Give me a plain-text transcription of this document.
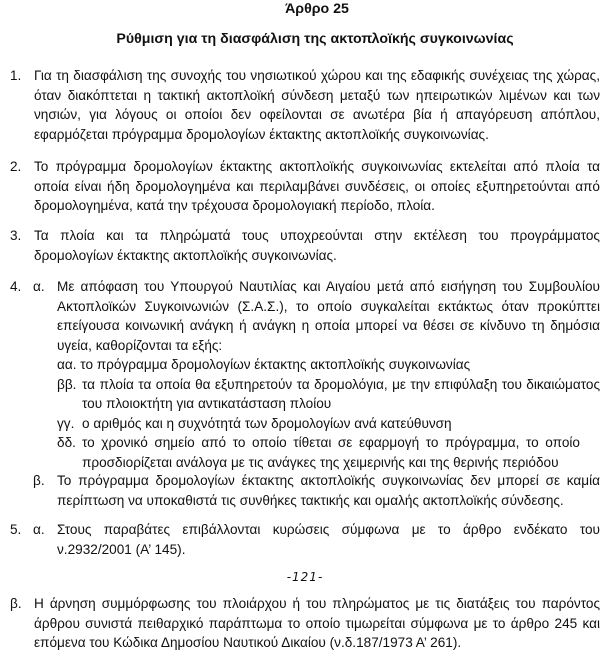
Άρθρο 25
Ρύθμιση για τη διασφάλιση της ακτοπλοϊκής συγκοινωνίας
1. Για τη διασφάλιση της συνοχής του νησιωτικού χώρου και της εδαφικής συνέχειας της χώρας, όταν διακόπτεται η τακτική ακτοπλοϊκή σύνδεση μεταξύ των ηπειρωτικών λιμένων και των νησιών, για λόγους οι οποίοι δεν οφείλονται σε ανωτέρα βία ή απαγόρευση απόπλου, εφαρμόζεται πρόγραμμα δρομολογίων έκτακτης ακτοπλοϊκής συγκοινωνίας.
2. Το πρόγραμμα δρομολογίων έκτακτης ακτοπλοϊκής συγκοινωνίας εκτελείται από πλοία τα οποία είναι ήδη δρομολογημένα και περιλαμβάνει συνδέσεις, οι οποίες εξυπηρετούνται από δρομολογημένα, κατά την τρέχουσα δρομολογιακή περίοδο, πλοία.
3. Τα πλοία και τα πληρώματά τους υποχρεούνται στην εκτέλεση του προγράμματος δρομολογίων έκτακτης ακτοπλοϊκής συγκοινωνίας.
4. α. Με απόφαση του Υπουργού Ναυτιλίας και Αιγαίου μετά από εισήγηση του Συμβουλίου Ακτοπλοϊκών Συγκοινωνιών (Σ.Α.Σ.), το οποίο συγκαλείται εκτάκτως όταν προκύπτει επείγουσα κοινωνική ανάγκη ή ανάγκη η οποία μπορεί να θέσει σε κίνδυνο τη δημόσια υγεία, καθορίζονται τα εξής:
αα. το πρόγραμμα δρομολογίων έκτακτης ακτοπλοϊκής συγκοινωνίας
ββ. τα πλοία τα οποία θα εξυπηρετούν τα δρομολόγια, με την επιφύλαξη του δικαιώματος του πλοιοκτήτη για αντικατάσταση πλοίου
γγ. ο αριθμός και η συχνότητά των δρομολογίων ανά κατεύθυνση
δδ. το χρονικό σημείο από το οποίο τίθεται σε εφαρμογή το πρόγραμμα, το οποίο προσδιορίζεται ανάλογα με τις ανάγκες της χειμερινής και της θερινής περιόδου
β. Το πρόγραμμα δρομολογίων έκτακτης ακτοπλοϊκής συγκοινωνίας δεν μπορεί σε καμία περίπτωση να υποκαθιστά τις συνθήκες τακτικής και ομαλής ακτοπλοϊκής σύνδεσης.
5. α. Στους παραβάτες επιβάλλονται κυρώσεις σύμφωνα με το άρθρο ενδέκατο του ν.2932/2001 (Α’ 145).
-121-
β. Η άρνηση συμμόρφωσης του πλοιάρχου ή του πληρώματος με τις διατάξεις του παρόντος άρθρου συνιστά πειθαρχικό παράπτωμα το οποίο τιμωρείται σύμφωνα με το άρθρο 245 και επόμενα του Κώδικα Δημοσίου Ναυτικού Δικαίου (ν.δ.187/1973 Α’ 261).
